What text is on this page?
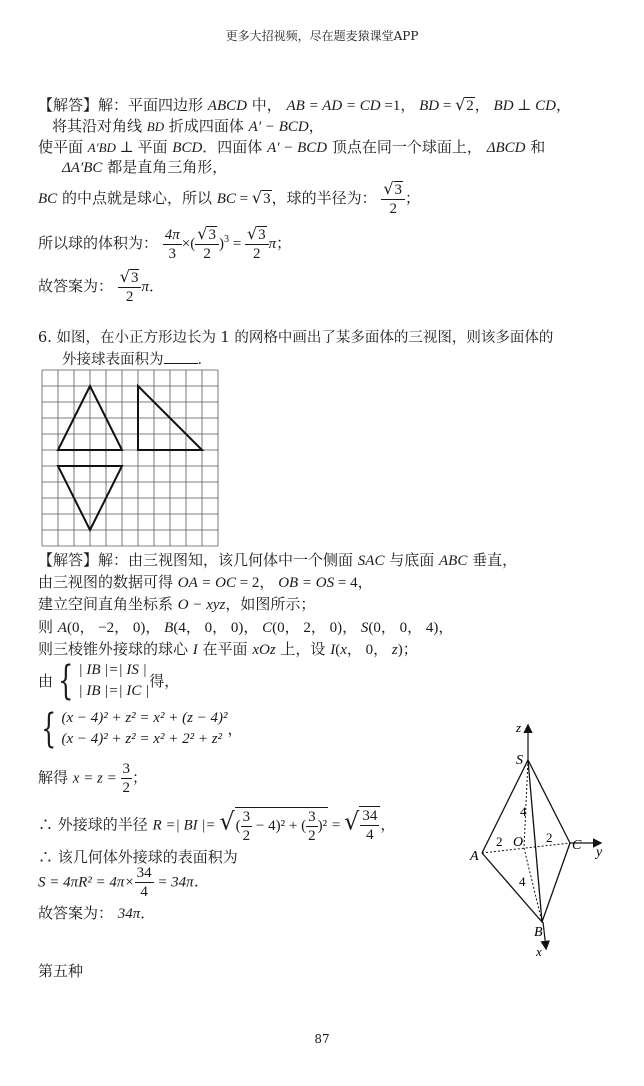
更多大招视频，尽在题麦猿课堂APP
【解答】解：平面四边形 ABCD 中， AB = AD = CD =1， BD = √2， BD ⊥ CD，
将其沿对角线 BD 折成四面体 A′ − BCD，
使平面 A′BD ⊥ 平面 BCD．四面体 A′ − BCD 顶点在同一个球面上， ΔBCD 和
ΔA′BC 都是直角三角形，
BC 的中点就是球心，所以 BC = √3，球的半径为： $\frac{√3}{2}$ ；
所以球的体积为： $\frac{4\pi}{3}$ ×( $\frac{√3}{2} )^3 = \frac{√3}{2}$ π；
故答案为： $\frac{√3}{2}$ π．
6. 如图，在小正方形边长为 1 的网格中画出了某多面体的三视图，则该多面体的
外接球表面积为 ．
【解答】解：由三视图知，该几何体中一个侧面 SAC 与底面 ABC 垂直，
由三视图的数据可得 OA = OC = 2， OB = OS = 4，
建立空间直角坐标系 O − xyz，如图所示；
则 A(0， −2， 0)， B(4， 0， 0)， C(0， 2， 0)， S(0， 0， 4)，
则三棱锥外接球的球心 I 在平面 xOz 上，设 I(x， 0， z)；
由 { | IB |=| IS |
| IB |=| IC |
得，
{ (x − 4)² + z² = x² + (z − 4)²
(x − 4)² + z² = x² + 2² + z²
，
解得 $x = z = \frac{3}{2}$ ；
∴ 外接球的半径 R =| BI |= √( $\frac{3}{2} - 4)^2$ + ( $\frac{3}{2} )^2$ = √ $\frac{34}{4}$ ，
∴ 该几何体外接球的表面积为
$S = 4\pi R^2 = 4\pi\times \frac{34}{4} = 34\pi$．
故答案为： 34π．
z
S
A
O	C y
B
x
4
4
2	2
第五种
87
